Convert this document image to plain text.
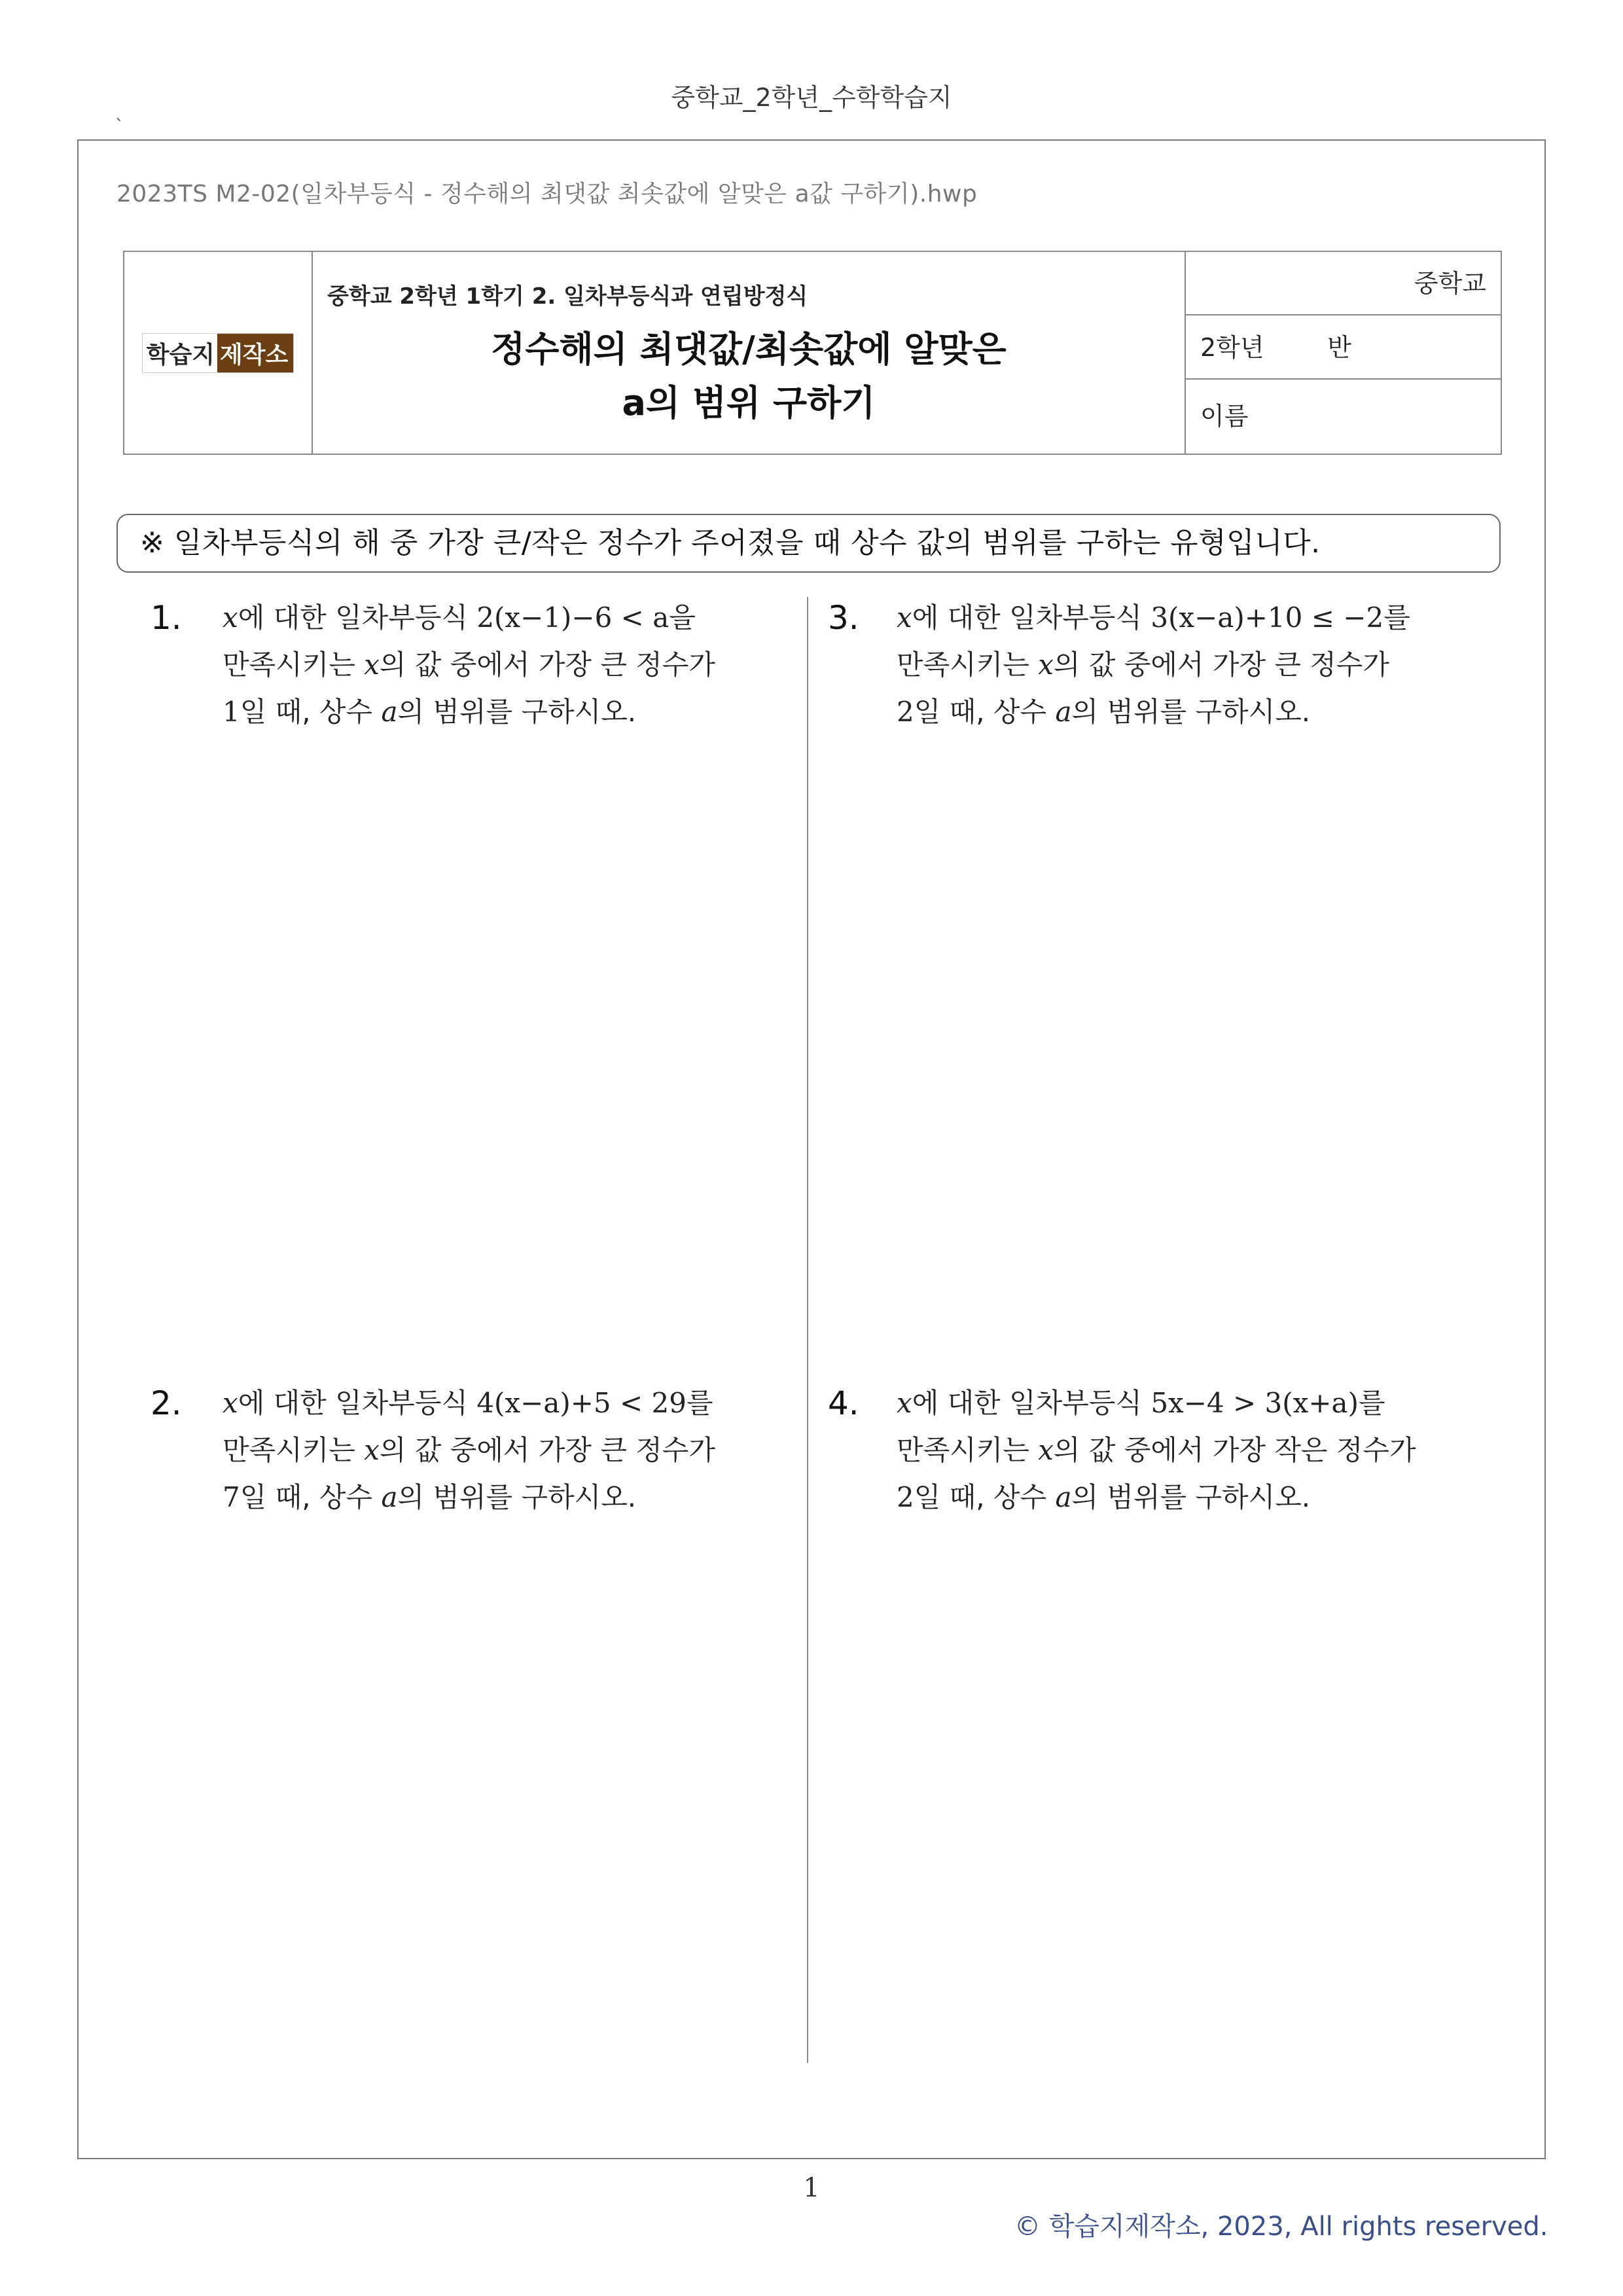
중학교_2학년_수학학습지
`
2023TS M2-02(일차부등식 - 정수해의 최댓값 최솟값에 알맞은 a값 구하기).hwp
학습지 제작소
중학교 2학년 1학기 2. 일차부등식과 연립방정식
정수해의 최댓값/최솟값에 알맞은
a의 범위 구하기
중학교
2학년        반
이름
※ 일차부등식의 해 중 가장 큰/작은 정수가 주어졌을 때 상수 값의 범위를 구하는 유형입니다.
1. x에 대한 일차부등식 2(x−1)−6 < a을
만족시키는 x의 값 중에서 가장 큰 정수가
1일 때, 상수 a의 범위를 구하시오.
3. x에 대한 일차부등식 3(x−a)+10 ≤ −2를
만족시키는 x의 값 중에서 가장 큰 정수가
2일 때, 상수 a의 범위를 구하시오.
2. x에 대한 일차부등식 4(x−a)+5 < 29를
만족시키는 x의 값 중에서 가장 큰 정수가
7일 때, 상수 a의 범위를 구하시오.
4. x에 대한 일차부등식 5x−4 > 3(x+a)를
만족시키는 x의 값 중에서 가장 작은 정수가
2일 때, 상수 a의 범위를 구하시오.
1
© 학습지제작소, 2023, All rights reserved.
